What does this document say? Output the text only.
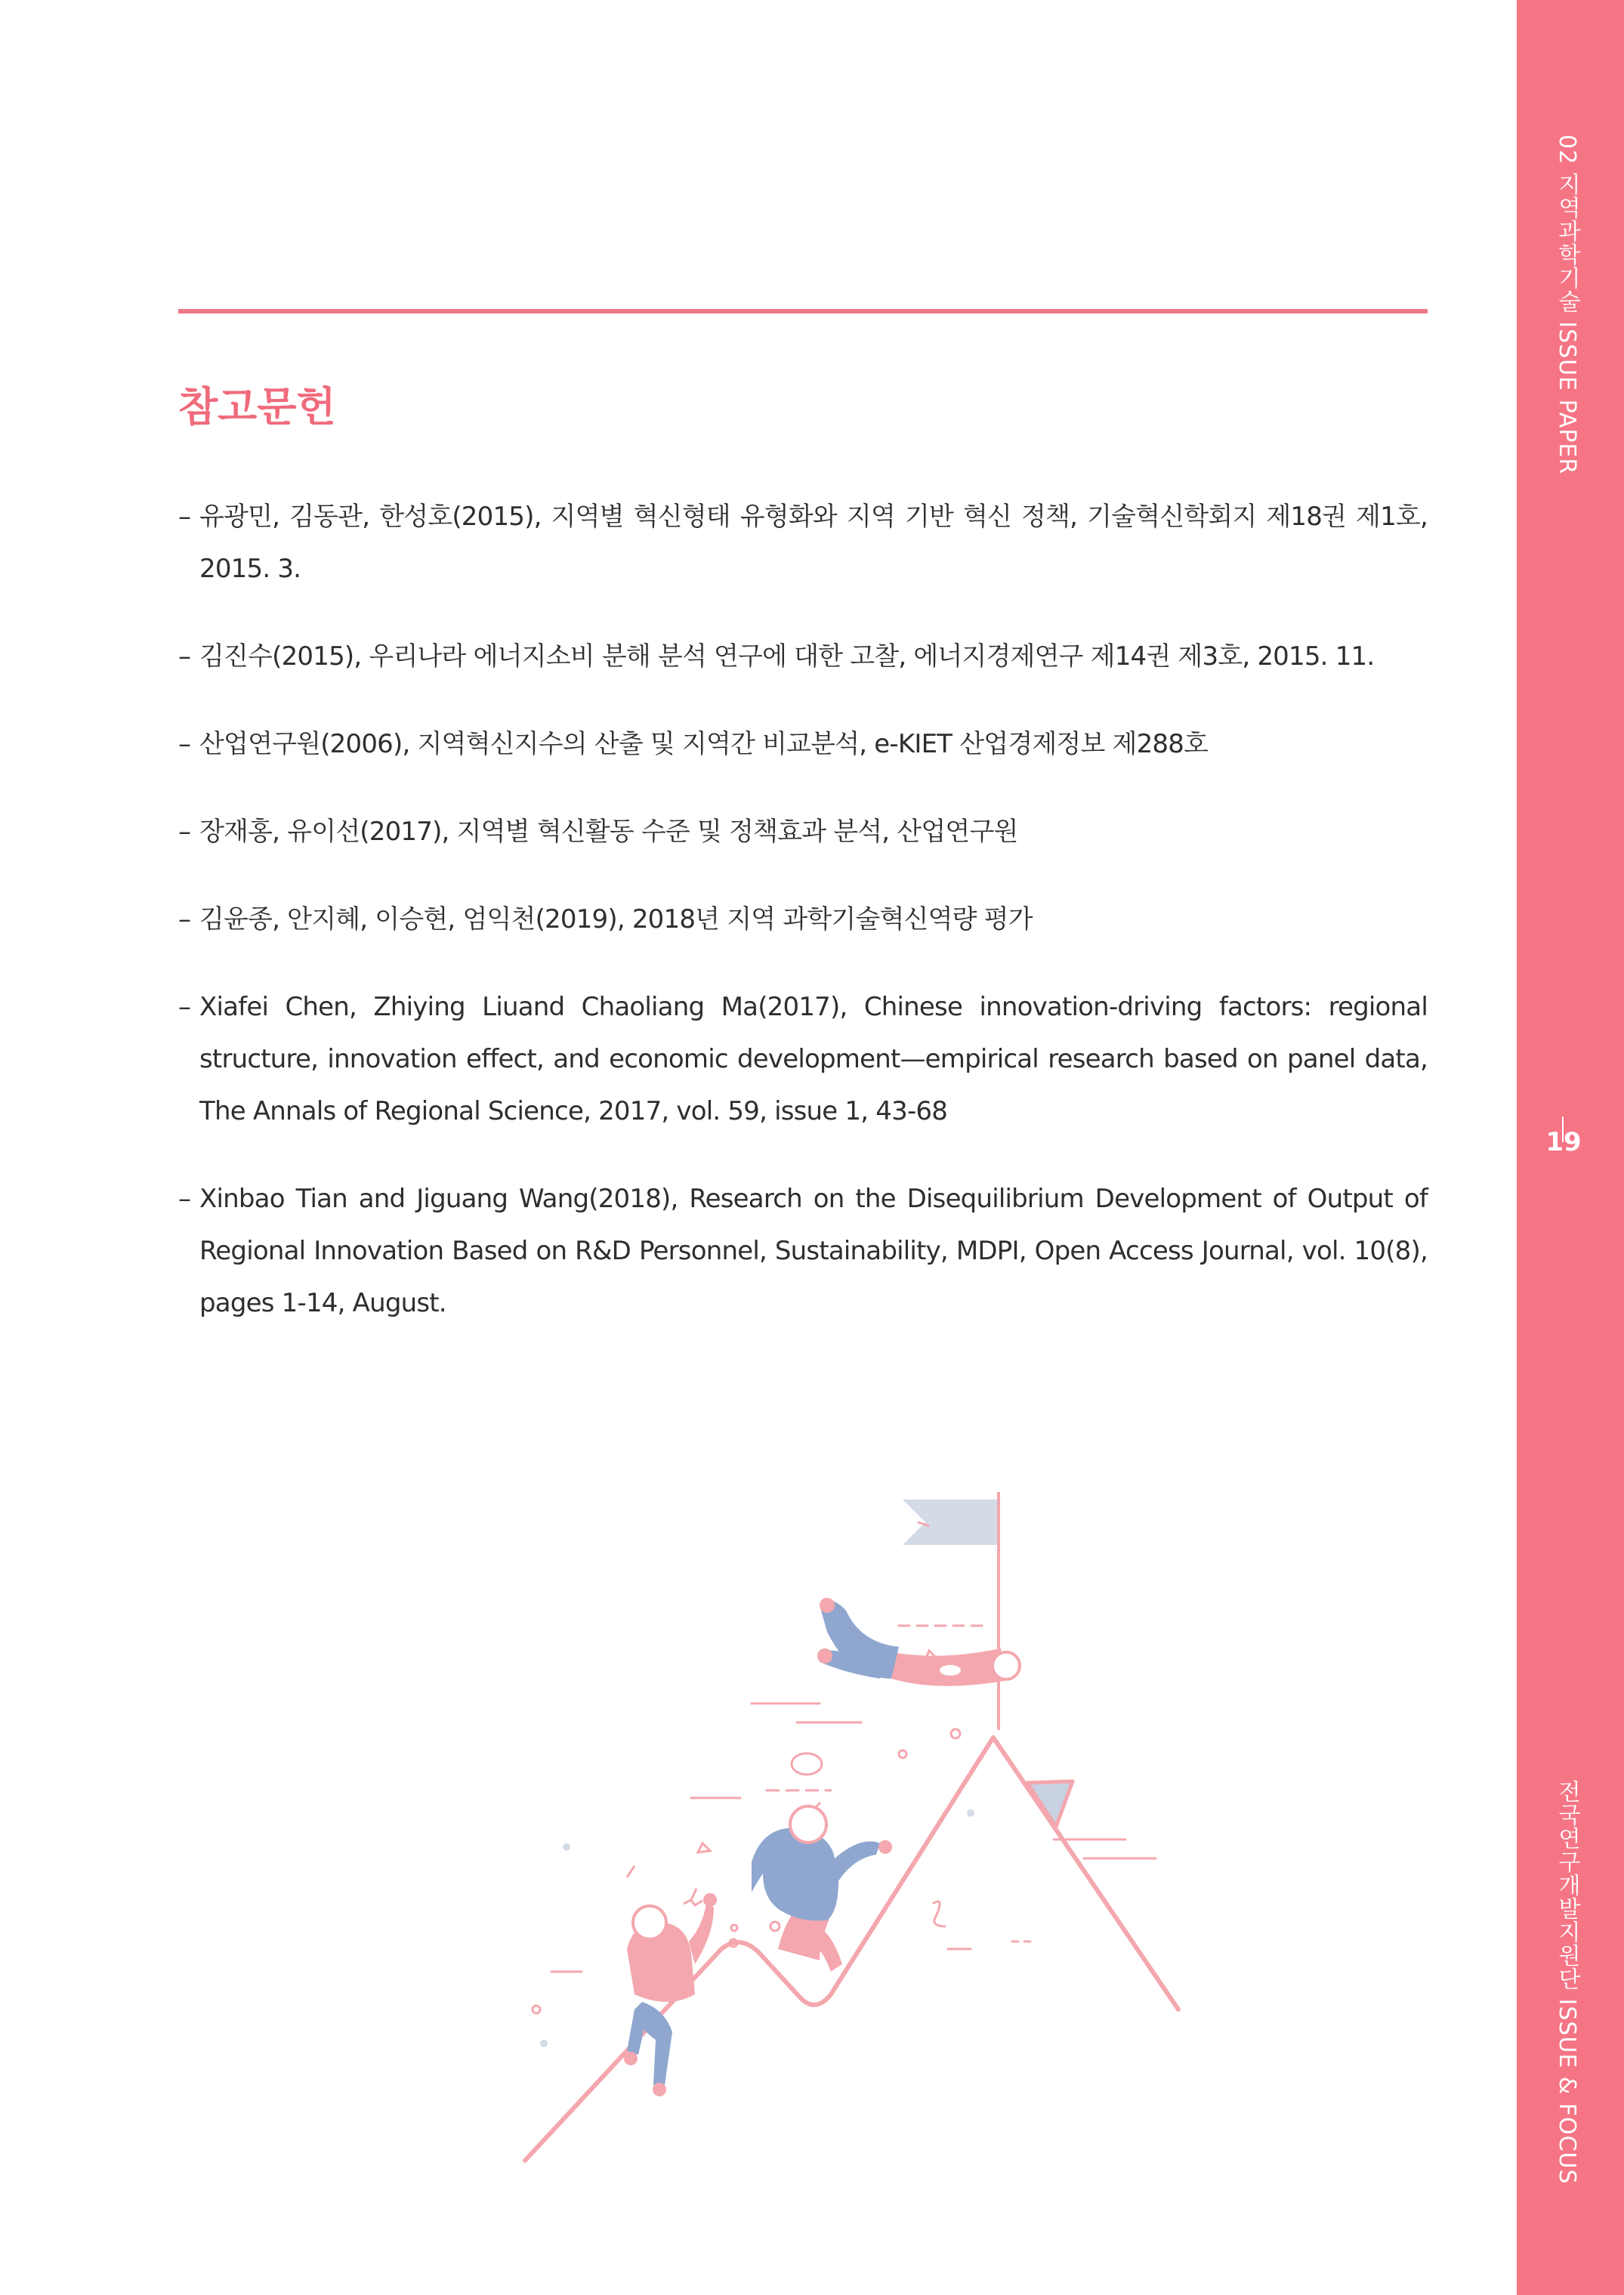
02 지역과학기술 ISSUE PAPER
19
전국연구개발지원단 ISSUE & FOCUS
참고문헌
– 유광민, 김동관, 한성호(2015), 지역별 혁신형태 유형화와 지역 기반 혁신 정책, 기술혁신학회지 제18권 제1호, 2015. 3.
– 김진수(2015), 우리나라 에너지소비 분해 분석 연구에 대한 고찰, 에너지경제연구 제14권 제3호, 2015. 11.
– 산업연구원(2006), 지역혁신지수의 산출 및 지역간 비교분석, e-KIET 산업경제정보 제288호
– 장재홍, 유이선(2017), 지역별 혁신활동 수준 및 정책효과 분석, 산업연구원
– 김윤종, 안지혜, 이승현, 엄익천(2019), 2018년 지역 과학기술혁신역량 평가
– Xiafei Chen, Zhiying Liuand Chaoliang Ma(2017), Chinese innovation-driving factors: regional structure, innovation effect, and economic development—empirical research based on panel data, The Annals of Regional Science, 2017, vol. 59, issue 1, 43-68
– Xinbao Tian and Jiguang Wang(2018), Research on the Disequilibrium Development of Output of Regional Innovation Based on R&D Personnel, Sustainability, MDPI, Open Access Journal, vol. 10(8), pages 1-14, August.
